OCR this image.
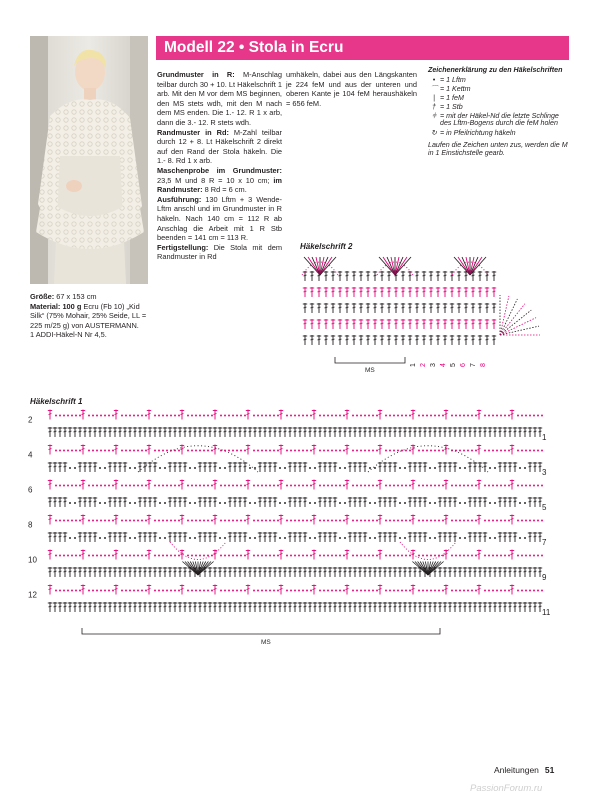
Modell 22 • Stola in Ecru

Grundmuster in R: M-Anschlag teilbar durch 30 + 10. Lt Häkelschrift 1 arb. Mit den M vor dem MS beginnen, den MS stets wdh, mit den M nach dem MS enden. Die 1.- 12. R 1 x arb, dann die 3.- 12. R stets wdh.

Randmuster in Rd: M-Zahl teilbar durch 12 + 8. Lt Häkelschrift 2 direkt auf den Rand der Stola häkeln. Die 1.- 8. Rd 1 x arb.

Maschenprobe im Grundmuster: 23,5 M und 8 R = 10 x 10 cm; im Randmuster: 8 Rd = 6 cm.

Ausführung: 130 Lftm + 3 Wende-Lftm anschl und im Grundmuster in R häkeln. Nach 140 cm = 112 R ab Anschlag die Arbeit mit 1 R Stb beenden = 141 cm = 113 R.

Fertigstellung: Die Stola mit dem Randmuster in Rd

umhäkeln, dabei aus den Längskanten je 224 feM und aus der unteren und oberen Kante je 104 feM heraushäkeln = 656 feM.

Größe: 67 x 153 cm

Material: 100 g Ecru (Fb 10) „Kid Silk“ (75% Mohair, 25% Seide, LL = 225 m/25 g) von AUSTERMANN.

1 ADDI-Häkel-N Nr 4,5.

Zeichenerklärung zu den Häkelschriften
• = 1 Lftm
⌒ = 1 Kettm
| = 1 feM
† = 1 Stb
⫩ = mit der Häkel-Nd die letzte Schlinge des Lftm-Bogens durch die feM holen
↻ = in Pfeilrichtung häkeln
Laufen die Zeichen unten zus, werden die M in 1 Einstichstelle gearb.
Häkelschrift 2
1 2 3 4 5 6 7 8
MS
Häkelschrift 1
12
10
8
6
4
2
11
9
7
5
3
1
MS
Anleitungen 51
PassionForum.ru
